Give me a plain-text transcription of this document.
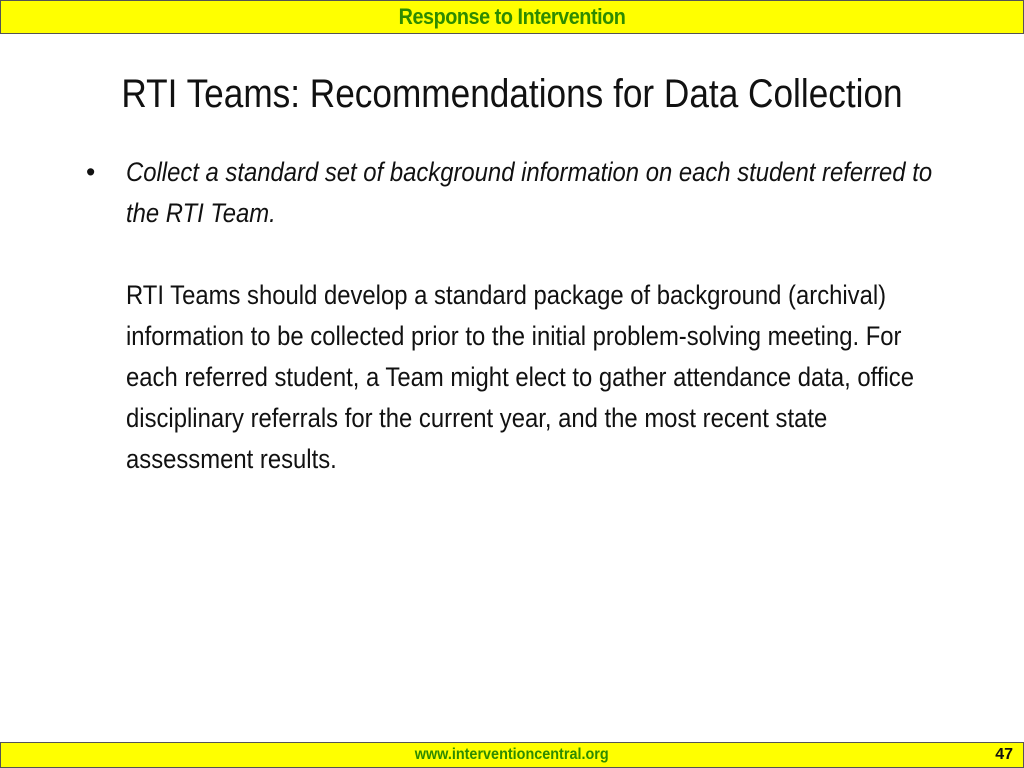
Response to Intervention
RTI Teams: Recommendations for Data Collection
• Collect a standard set of background information on each student referred to the RTI Team.

RTI Teams should develop a standard package of background (archival) information to be collected prior to the initial problem-solving meeting. For each referred student, a Team might elect to gather attendance data, office disciplinary referrals for the current year, and the most recent state assessment results.

www.interventioncentral.org	47
